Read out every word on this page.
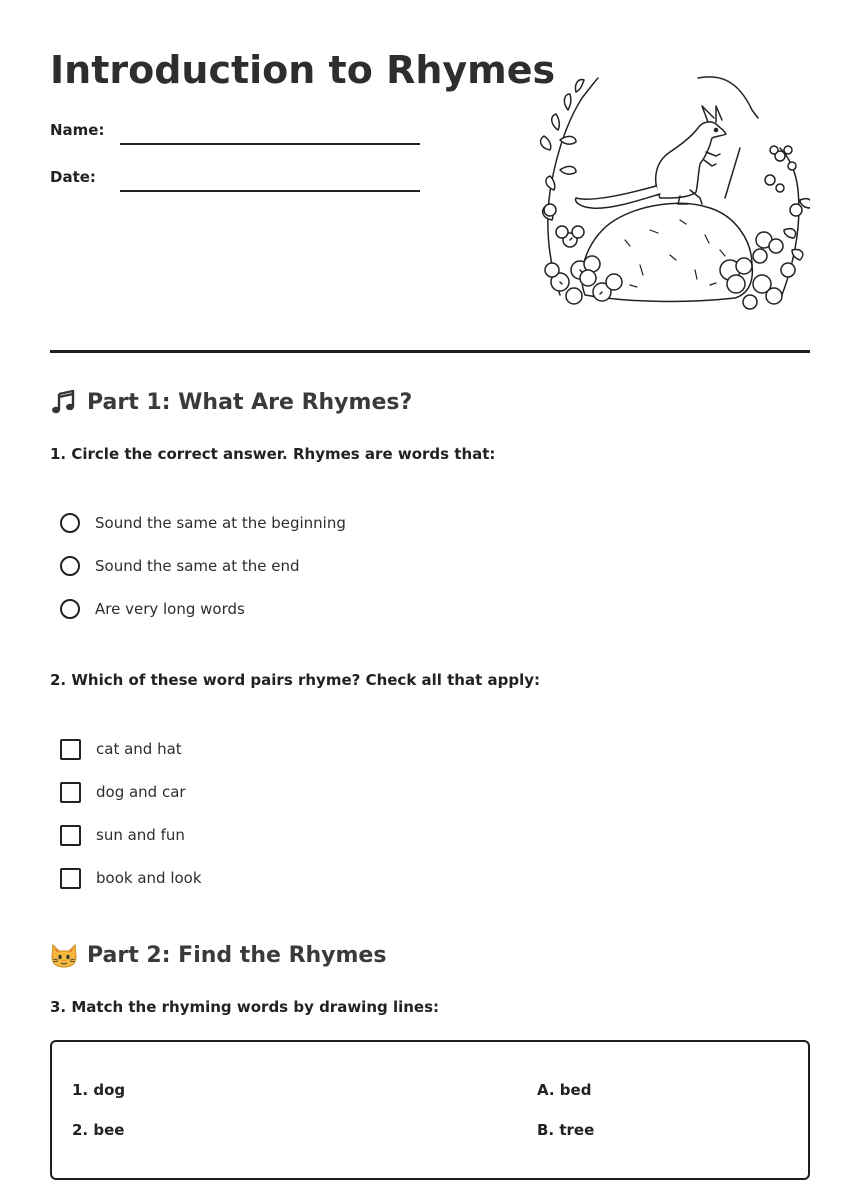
Introduction to Rhymes
Name:
Date:
Part 1: What Are Rhymes?
1. Circle the correct answer. Rhymes are words that:
Sound the same at the beginning
Sound the same at the end
Are very long words
2. Which of these word pairs rhyme? Check all that apply:
cat and hat
dog and car
sun and fun
book and look
Part 2: Find the Rhymes
3. Match the rhyming words by drawing lines:
1. dog
2. bee
A. bed
B. tree
